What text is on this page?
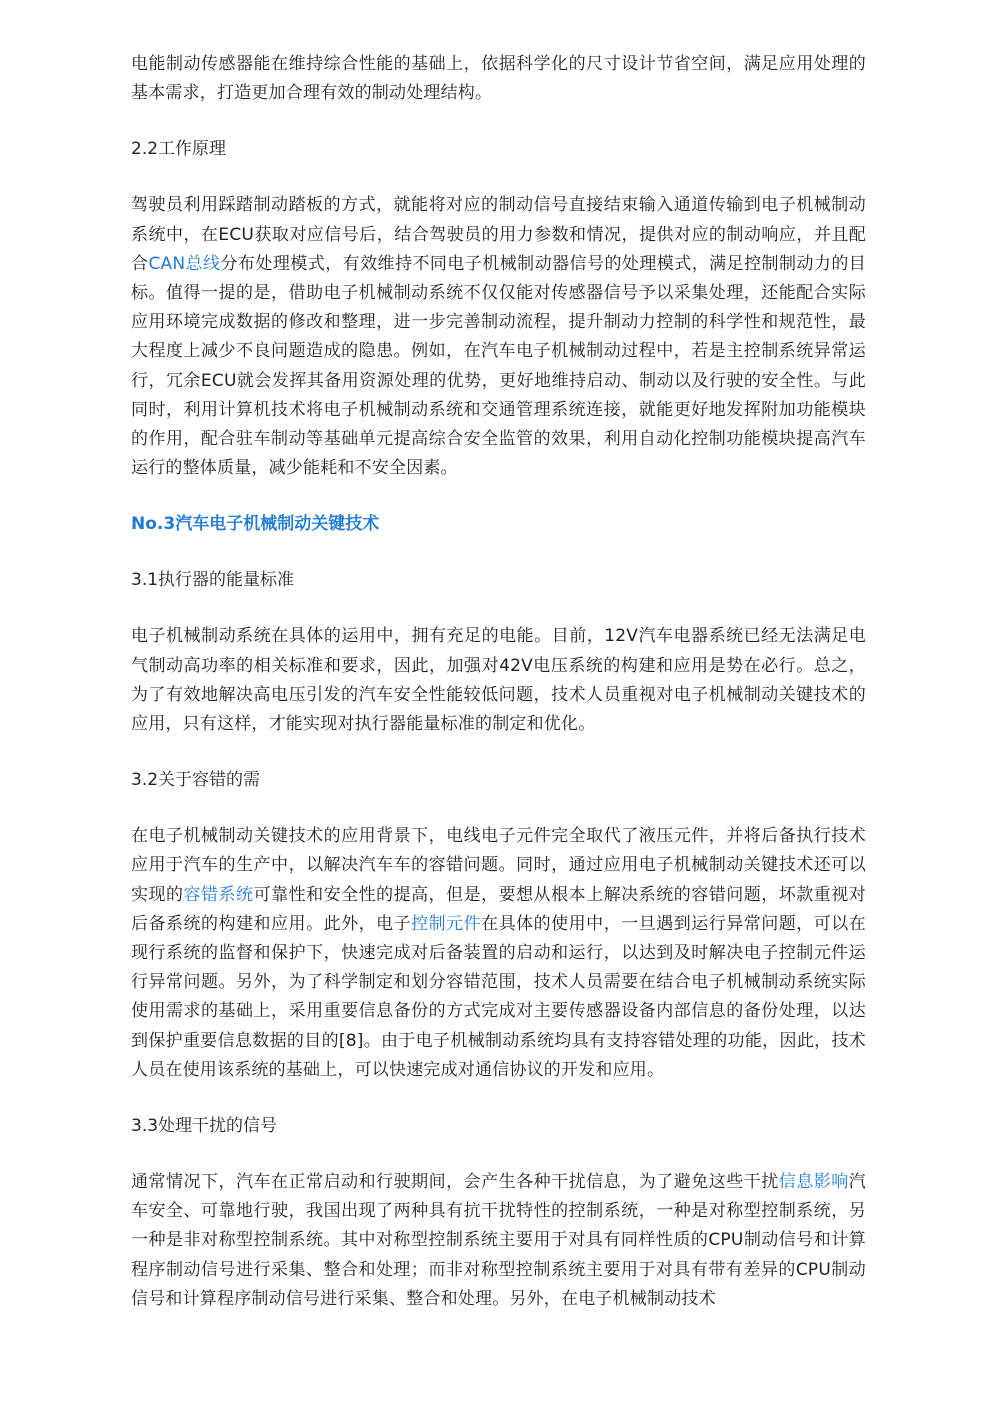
电能制动传感器能在维持综合性能的基础上，依据科学化的尺寸设计节省空间，满足应用处理的基本需求，打造更加合理有效的制动处理结构。

2.2工作原理

驾驶员利用踩踏制动踏板的方式，就能将对应的制动信号直接结束输入通道传输到电子机械制动系统中，在ECU获取对应信号后，结合驾驶员的用力参数和情况，提供对应的制动响应，并且配合CAN总线分布处理模式，有效维持不同电子机械制动器信号的处理模式，满足控制制动力的目标。值得一提的是，借助电子机械制动系统不仅仅能对传感器信号予以采集处理，还能配合实际应用环境完成数据的修改和整理，进一步完善制动流程，提升制动力控制的科学性和规范性，最大程度上减少不良问题造成的隐患。例如，在汽车电子机械制动过程中，若是主控制系统异常运行，冗余ECU就会发挥其备用资源处理的优势，更好地维持启动、制动以及行驶的安全性。与此同时，利用计算机技术将电子机械制动系统和交通管理系统连接，就能更好地发挥附加功能模块的作用，配合驻车制动等基础单元提高综合安全监管的效果，利用自动化控制功能模块提高汽车运行的整体质量，减少能耗和不安全因素。

No.3汽车电子机械制动关键技术

3.1执行器的能量标准

电子机械制动系统在具体的运用中，拥有充足的电能。目前，12V汽车电器系统已经无法满足电气制动高功率的相关标准和要求，因此，加强对42V电压系统的构建和应用是势在必行。总之，为了有效地解决高电压引发的汽车安全性能较低问题，技术人员重视对电子机械制动关键技术的应用，只有这样，才能实现对执行器能量标准的制定和优化。

3.2关于容错的需

在电子机械制动关键技术的应用背景下，电线电子元件完全取代了液压元件，并将后备执行技术应用于汽车的生产中，以解决汽车车的容错问题。同时，通过应用电子机械制动关键技术还可以实现的容错系统可靠性和安全性的提高，但是，要想从根本上解决系统的容错问题，坏款重视对后备系统的构建和应用。此外，电子控制元件在具体的使用中，一旦遇到运行异常问题，可以在现行系统的监督和保护下，快速完成对后备装置的启动和运行，以达到及时解决电子控制元件运行异常问题。另外，为了科学制定和划分容错范围，技术人员需要在结合电子机械制动系统实际使用需求的基础上，采用重要信息备份的方式完成对主要传感器设备内部信息的备份处理，以达到保护重要信息数据的目的[8]。由于电子机械制动系统均具有支持容错处理的功能，因此，技术人员在使用该系统的基础上，可以快速完成对通信协议的开发和应用。

3.3处理干扰的信号

通常情况下，汽车在正常启动和行驶期间，会产生各种干扰信息，为了避免这些干扰信息影响汽车安全、可靠地行驶，我国出现了两种具有抗干扰特性的控制系统，一种是对称型控制系统，另一种是非对称型控制系统。其中对称型控制系统主要用于对具有同样性质的CPU制动信号和计算程序制动信号进行采集、整合和处理；而非对称型控制系统主要用于对具有带有差异的CPU制动信号和计算程序制动信号进行采集、整合和处理。另外，在电子机械制动技术
